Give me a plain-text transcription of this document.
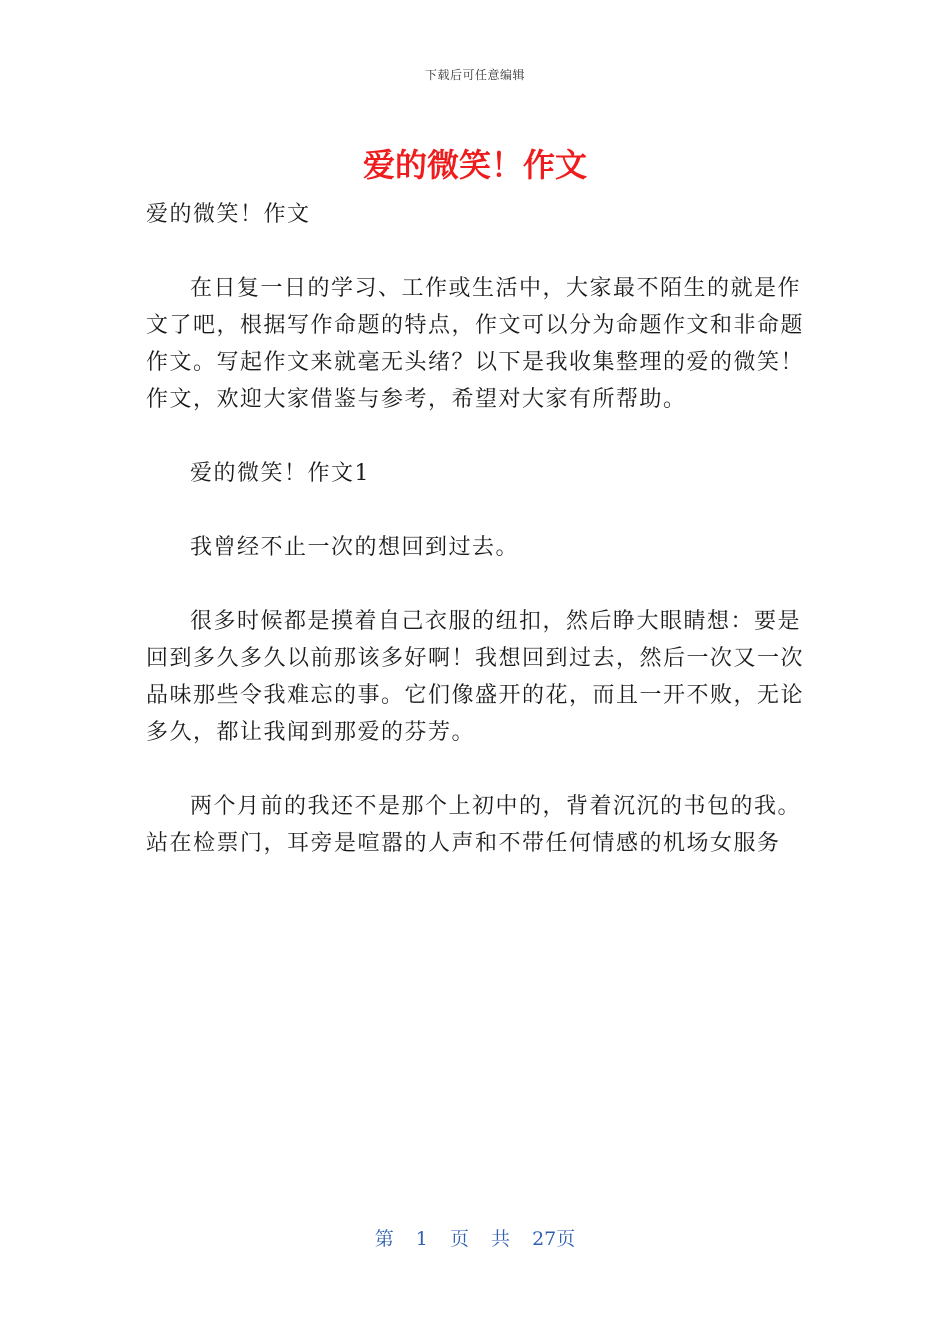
下载后可任意编辑
爱的微笑！作文

爱的微笑！作文

在日复一日的学习、工作或生活中，大家最不陌生的就是作文了吧，根据写作命题的特点，作文可以分为命题作文和非命题作文。写起作文来就毫无头绪？以下是我收集整理的爱的微笑！作文，欢迎大家借鉴与参考，希望对大家有所帮助。

爱的微笑！作文1

我曾经不止一次的想回到过去。

很多时候都是摸着自己衣服的纽扣，然后睁大眼睛想：要是回到多久多久以前那该多好啊！我想回到过去，然后一次又一次品味那些令我难忘的事。它们像盛开的花，而且一开不败，无论多久，都让我闻到那爱的芬芳。

两个月前的我还不是那个上初中的，背着沉沉的书包的我。站在检票门，耳旁是喧嚣的人声和不带任何情感的机场女服务

第 1 页 共 27页
